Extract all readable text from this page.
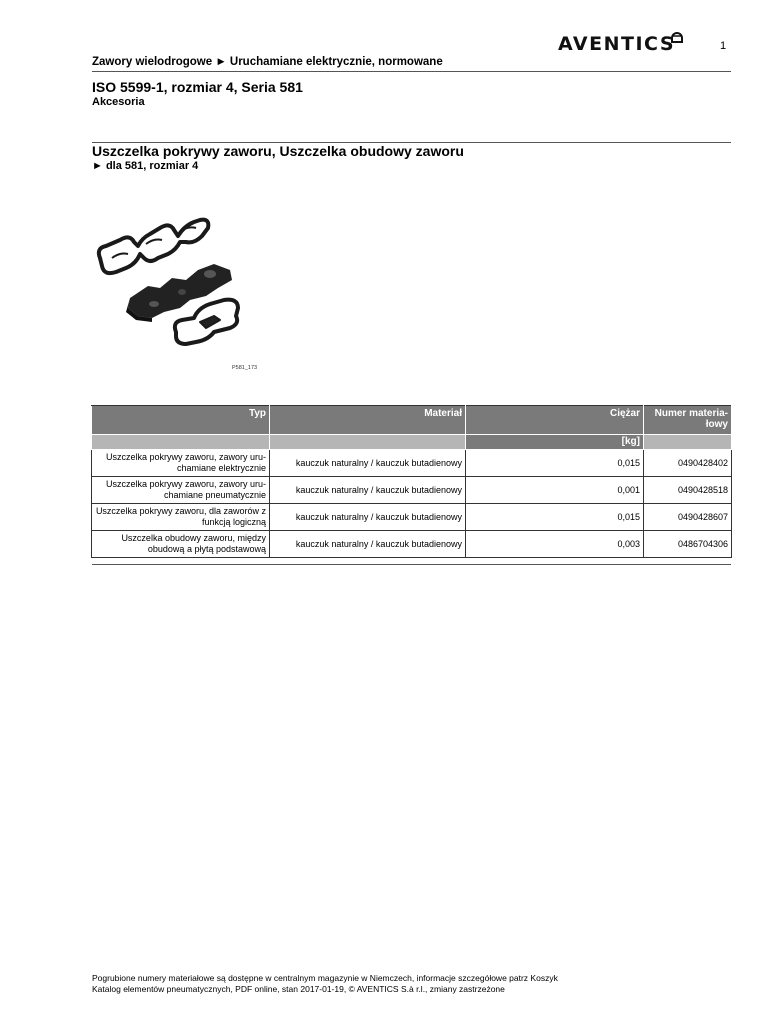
AVENTICS	1
Zawory wielodrogowe ► Uruchamiane elektrycznie, normowane
ISO 5599-1, rozmiar 4, Seria 581
Akcesoria
Uszczelka pokrywy zaworu, Uszczelka obudowy zaworu
► dla 581, rozmiar 4
P581_173
Typ	Materiał	Ciężar	Numer materia-łowy
		[kg]	
Uszczelka pokrywy zaworu, zawory uru-chamiane elektrycznie	kauczuk naturalny / kauczuk butadienowy	0,015	0490428402
Uszczelka pokrywy zaworu, zawory uru-chamiane pneumatycznie	kauczuk naturalny / kauczuk butadienowy	0,001	0490428518
Uszczelka pokrywy zaworu, dla zaworów z funkcją logiczną	kauczuk naturalny / kauczuk butadienowy	0,015	0490428607
Uszczelka obudowy zaworu, między obudową a płytą podstawową	kauczuk naturalny / kauczuk butadienowy	0,003	0486704306
Pogrubione numery materiałowe są dostępne w centralnym magazynie w Niemczech, informacje szczegółowe patrz Koszyk
Katalog elementów pneumatycznych, PDF online, stan 2017-01-19, © AVENTICS S.à r.l., zmiany zastrzeżone
